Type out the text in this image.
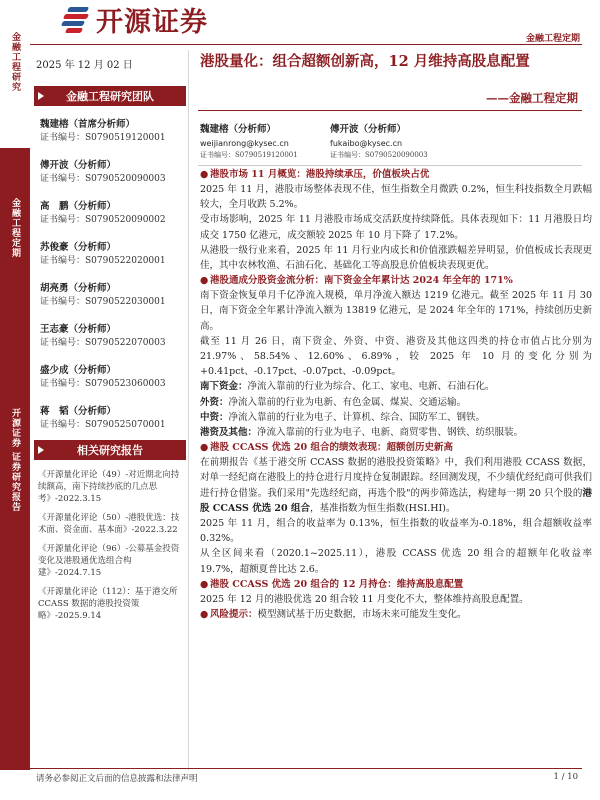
开源证券
金融工程定期
金融工程研究
金融工程定期
开源证券 证券研究报告
2025 年 12 月 02 日
金融工程研究团队
魏建榕（首席分析师）
证书编号：S0790519120001
傅开波（分析师）
证书编号：S0790520090003
高　鹏（分析师）
证书编号：S0790520090002
苏俊豪（分析师）
证书编号：S0790522020001
胡亮勇（分析师）
证书编号：S0790522030001
王志豪（分析师）
证书编号：S0790522070003
盛少成（分析师）
证书编号：S0790523060003
蒋　韬（分析师）
证书编号：S0790525070001
相关研究报告
《开源量化评论（49）-对近期北向持续额高，南下持续抄底的几点思考》-2022.3.15
《开源量化评论（50）-港股优选：技术面、资金面、基本面》-2022.3.22
《开源量化评论（96）-公募基金投资变化及港股通优选组合构建》-2024.7.15
《开源量化评论（112）：基于港交所 CCASS 数据的港股投资策略》-2025.9.14
港股量化：组合超额创新高，12 月维持高股息配置
——金融工程定期
魏建榕（分析师）
weijianrong@kysec.cn
证书编号：S0790519120001
傅开波（分析师）
fukaibo@kysec.cn
证书编号：S0790520090003
● 港股市场 11 月概览：港股持续承压，价值板块占优

2025 年 11 月，港股市场整体表现不佳，恒生指数全月微跌 0.2%，恒生科技指数全月跌幅较大，全月收跌 5.2%。

受市场影响，2025 年 11 月港股市场成交活跃度持续降低。具体表现如下：11 月港股日均成交 1750 亿港元，成交额较 2025 年 10 月下降了 17.2%。

从港股一级行业来看，2025 年 11 月行业内成长和价值涨跌幅差异明显，价值板成长表现更佳，其中农林牧渔、石油石化、基础化工等高股息价值板块表现更优。

● 港股通成分股资金流分析：南下资金全年累计达 2024 年全年的 171%

南下资金恢复单月千亿净流入规模，单月净流入额达 1219 亿港元。截至 2025 年 11 月 30 日，南下资金全年累计净流入额为 13819 亿港元，是 2024 年全年的 171%，持续创历史新高。

截至 11 月 26 日，南下资金、外资、中资、港资及其他这四类的持仓市值占比分别为 21.97%、58.54%、12.60%、6.89%，较 2025 年 10 月的变化分别为+0.41pct、-0.17pct、-0.07pct、-0.09pct。

南下资金：净流入靠前的行业为综合、化工、家电、电新、石油石化。

外资：净流入靠前的行业为电新、有色金属、煤炭、交通运输。

中资：净流入靠前的行业为电子、计算机、综合、国防军工、钢铁。

港资及其他：净流入靠前的行业为电子、电新、商贸零售、钢铁、纺织服装。

● 港股 CCASS 优选 20 组合的绩效表现：超额创历史新高

在前期报告《基于港交所 CCASS 数据的港股投资策略》中，我们利用港股 CCASS 数据，对单一经纪商在港股上的持仓进行月度持仓复制跟踪。经回测发现，不少绩优经纪商可供我们进行持仓借鉴。我们采用"先选经纪商，再选个股"的两步筛选法，构建每一期 20 只个股的港股 CCASS 优选 20 组合，基准指数为恒生指数(HSI.HI)。

2025 年 11 月，组合的收益率为 0.13%，恒生指数的收益率为-0.18%，组合超额收益率 0.32%。

从全区间来看（2020.1~2025.11），港股 CCASS 优选 20 组合的超额年化收益率 19.7%，超额夏普比达 2.6。

● 港股 CCASS 优选 20 组合的 12 月持仓：维持高股息配置

2025 年 12 月的港股优选 20 组合较 11 月变化不大，整体维持高股息配置。

● 风险提示： 模型测试基于历史数据，市场未来可能发生变化。
请务必参阅正文后面的信息披露和法律声明	1 / 10
